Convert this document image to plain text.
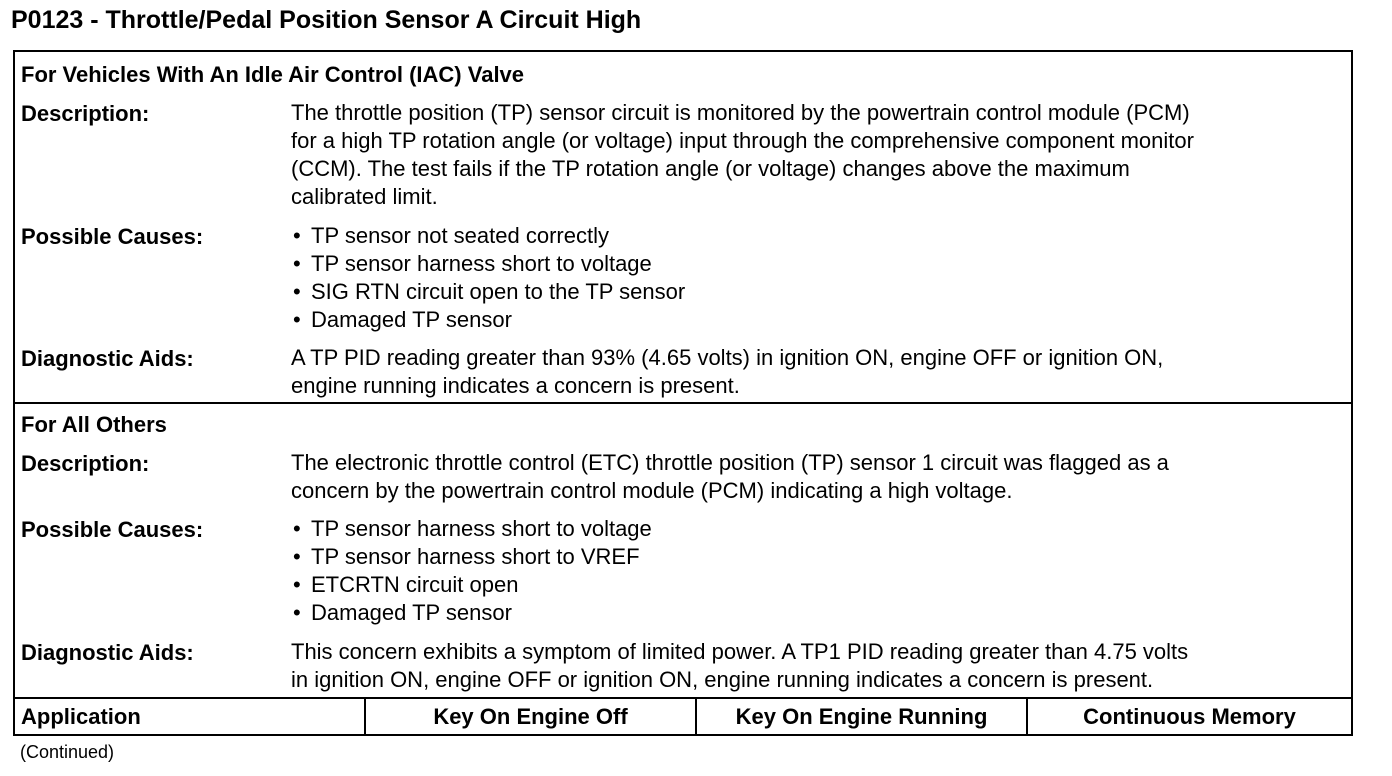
P0123 - Throttle/Pedal Position Sensor A Circuit High
For Vehicles With An Idle Air Control (IAC) Valve
Description:	The throttle position (TP) sensor circuit is monitored by the powertrain control module (PCM)
for a high TP rotation angle (or voltage) input through the comprehensive component monitor
(CCM). The test fails if the TP rotation angle (or voltage) changes above the maximum
calibrated limit.
Possible Causes:	• TP sensor not seated correctly
• TP sensor harness short to voltage
• SIG RTN circuit open to the TP sensor
• Damaged TP sensor
Diagnostic Aids:	A TP PID reading greater than 93% (4.65 volts) in ignition ON, engine OFF or ignition ON,
engine running indicates a concern is present.
For All Others
Description:	The electronic throttle control (ETC) throttle position (TP) sensor 1 circuit was flagged as a
concern by the powertrain control module (PCM) indicating a high voltage.
Possible Causes:	• TP sensor harness short to voltage
• TP sensor harness short to VREF
• ETCRTN circuit open
• Damaged TP sensor
Diagnostic Aids:	This concern exhibits a symptom of limited power. A TP1 PID reading greater than 4.75 volts
in ignition ON, engine OFF or ignition ON, engine running indicates a concern is present.
Application	Key On Engine Off	Key On Engine Running	Continuous Memory
(Continued)
